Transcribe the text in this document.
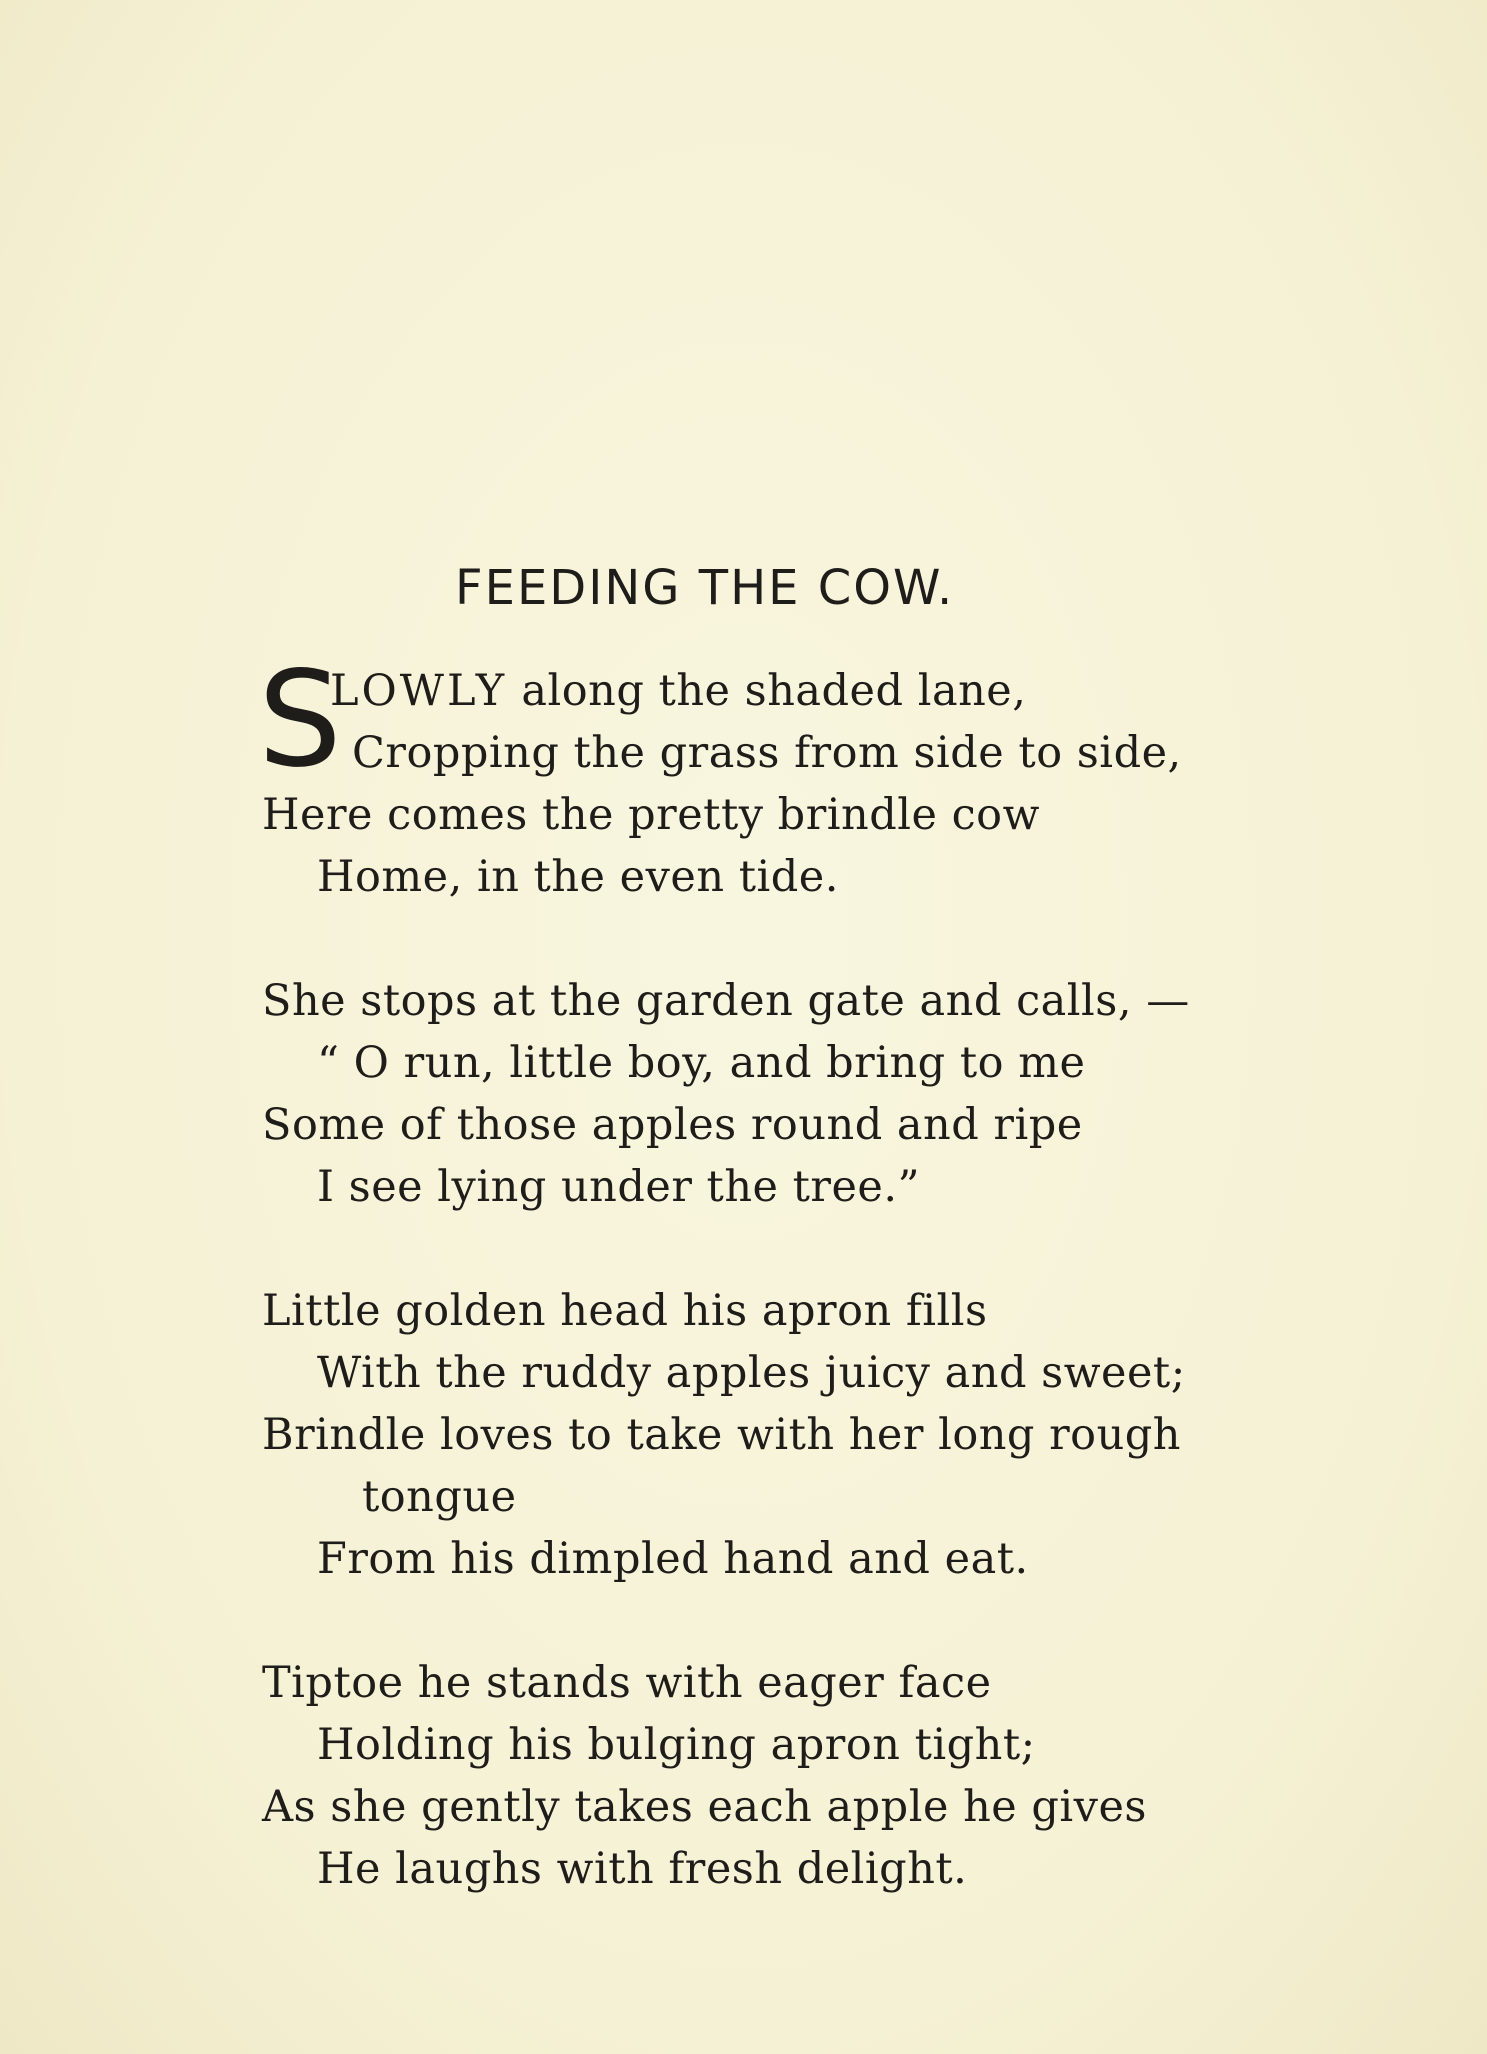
FEEDING THE COW.
S
LOWLY along the shaded lane,
Cropping the grass from side to side,
Here comes the pretty brindle cow
Home, in the even tide.
She stops at the garden gate and calls, —
“ O run, little boy, and bring to me
Some of those apples round and ripe
I see lying under the tree.”
Little golden head his apron fills
With the ruddy apples juicy and sweet;
Brindle loves to take with her long rough
tongue
From his dimpled hand and eat.
Tiptoe he stands with eager face
Holding his bulging apron tight;
As she gently takes each apple he gives
He laughs with fresh delight.
